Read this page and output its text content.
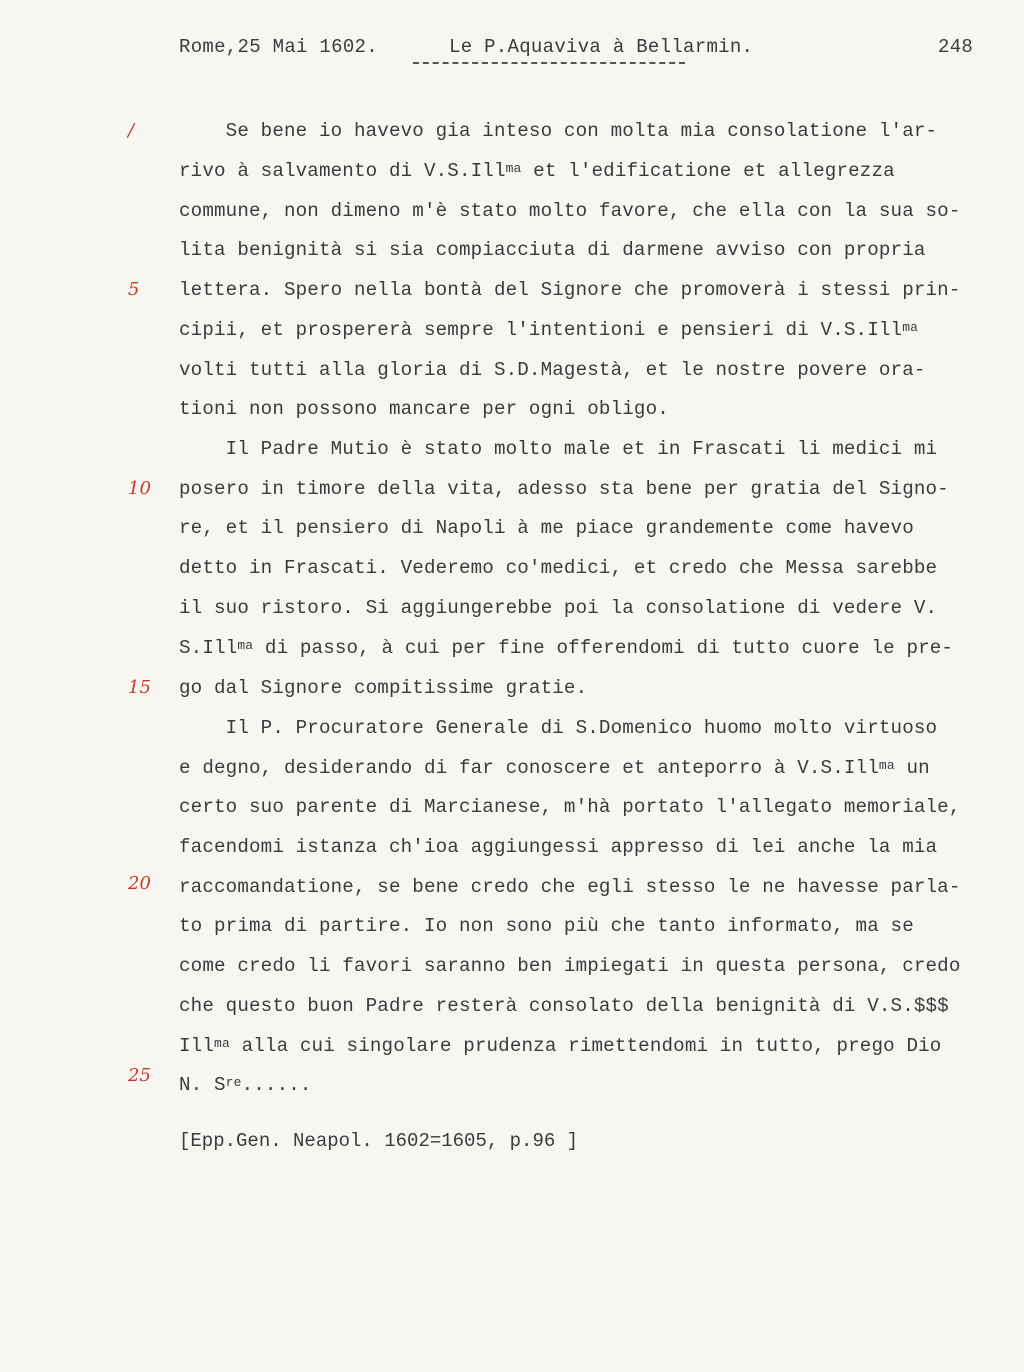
Rome,25 Mai 1602.	Le P.Aquaviva à Bellarmin.	248
/
5
10
15
20
25
Se bene io havevo gia inteso con molta mia consolatione l'ar-
rivo à salvamento di V.S.Ill$^{ma}$ et l'edificatione et allegrezza
commune, non dimeno m'è stato molto favore, che ella con la sua so-
lita benignità si sia compiacciuta di darmene avviso con propria
lettera. Spero nella bontà del Signore che promoverà i stessi prin-
cipii, et prospererà sempre l'intentioni e pensieri di V.S.Ill$^{ma}$
volti tutti alla gloria di S.D.Magestà, et le nostre povere ora-
tioni non possono mancare per ogni obligo.
Il Padre Mutio è stato molto male et in Frascati li medici mi
posero in timore della vita, adesso sta bene per gratia del Signo-
re, et il pensiero di Napoli à me piace grandemente come havevo
detto in Frascati. Vederemo co'medici, et credo che Messa sarebbe
il suo ristoro. Si aggiungerebbe poi la consolatione di vedere V.
S.Ill$^{ma}$ di passo, à cui per fine offerendomi di tutto cuore le pre-
go dal Signore compitissime gratie.
Il P. Procuratore Generale di S.Domenico huomo molto virtuoso
e degno, desiderando di far conoscere et anteporro à V.S.Ill$^{ma}$ un
certo suo parente di Marcianese, m'hà portato l'allegato memoriale,
facendomi istanza ch'ioa aggiungessi appresso di lei anche la mia
raccomandatione, se bene credo che egli stesso le ne havesse parla-
to prima di partire. Io non sono più che tanto informato, ma se
come credo li favori saranno ben impiegati in questa persona, credo
che questo buon Padre resterà consolato della benignità di V.S.$$$
Ill$^{ma}$ alla cui singolare prudenza rimettendomi in tutto, prego Dio
N. $S^{re}$......
[Epp.Gen. Neapol. 1602=1605, p.96 ]
